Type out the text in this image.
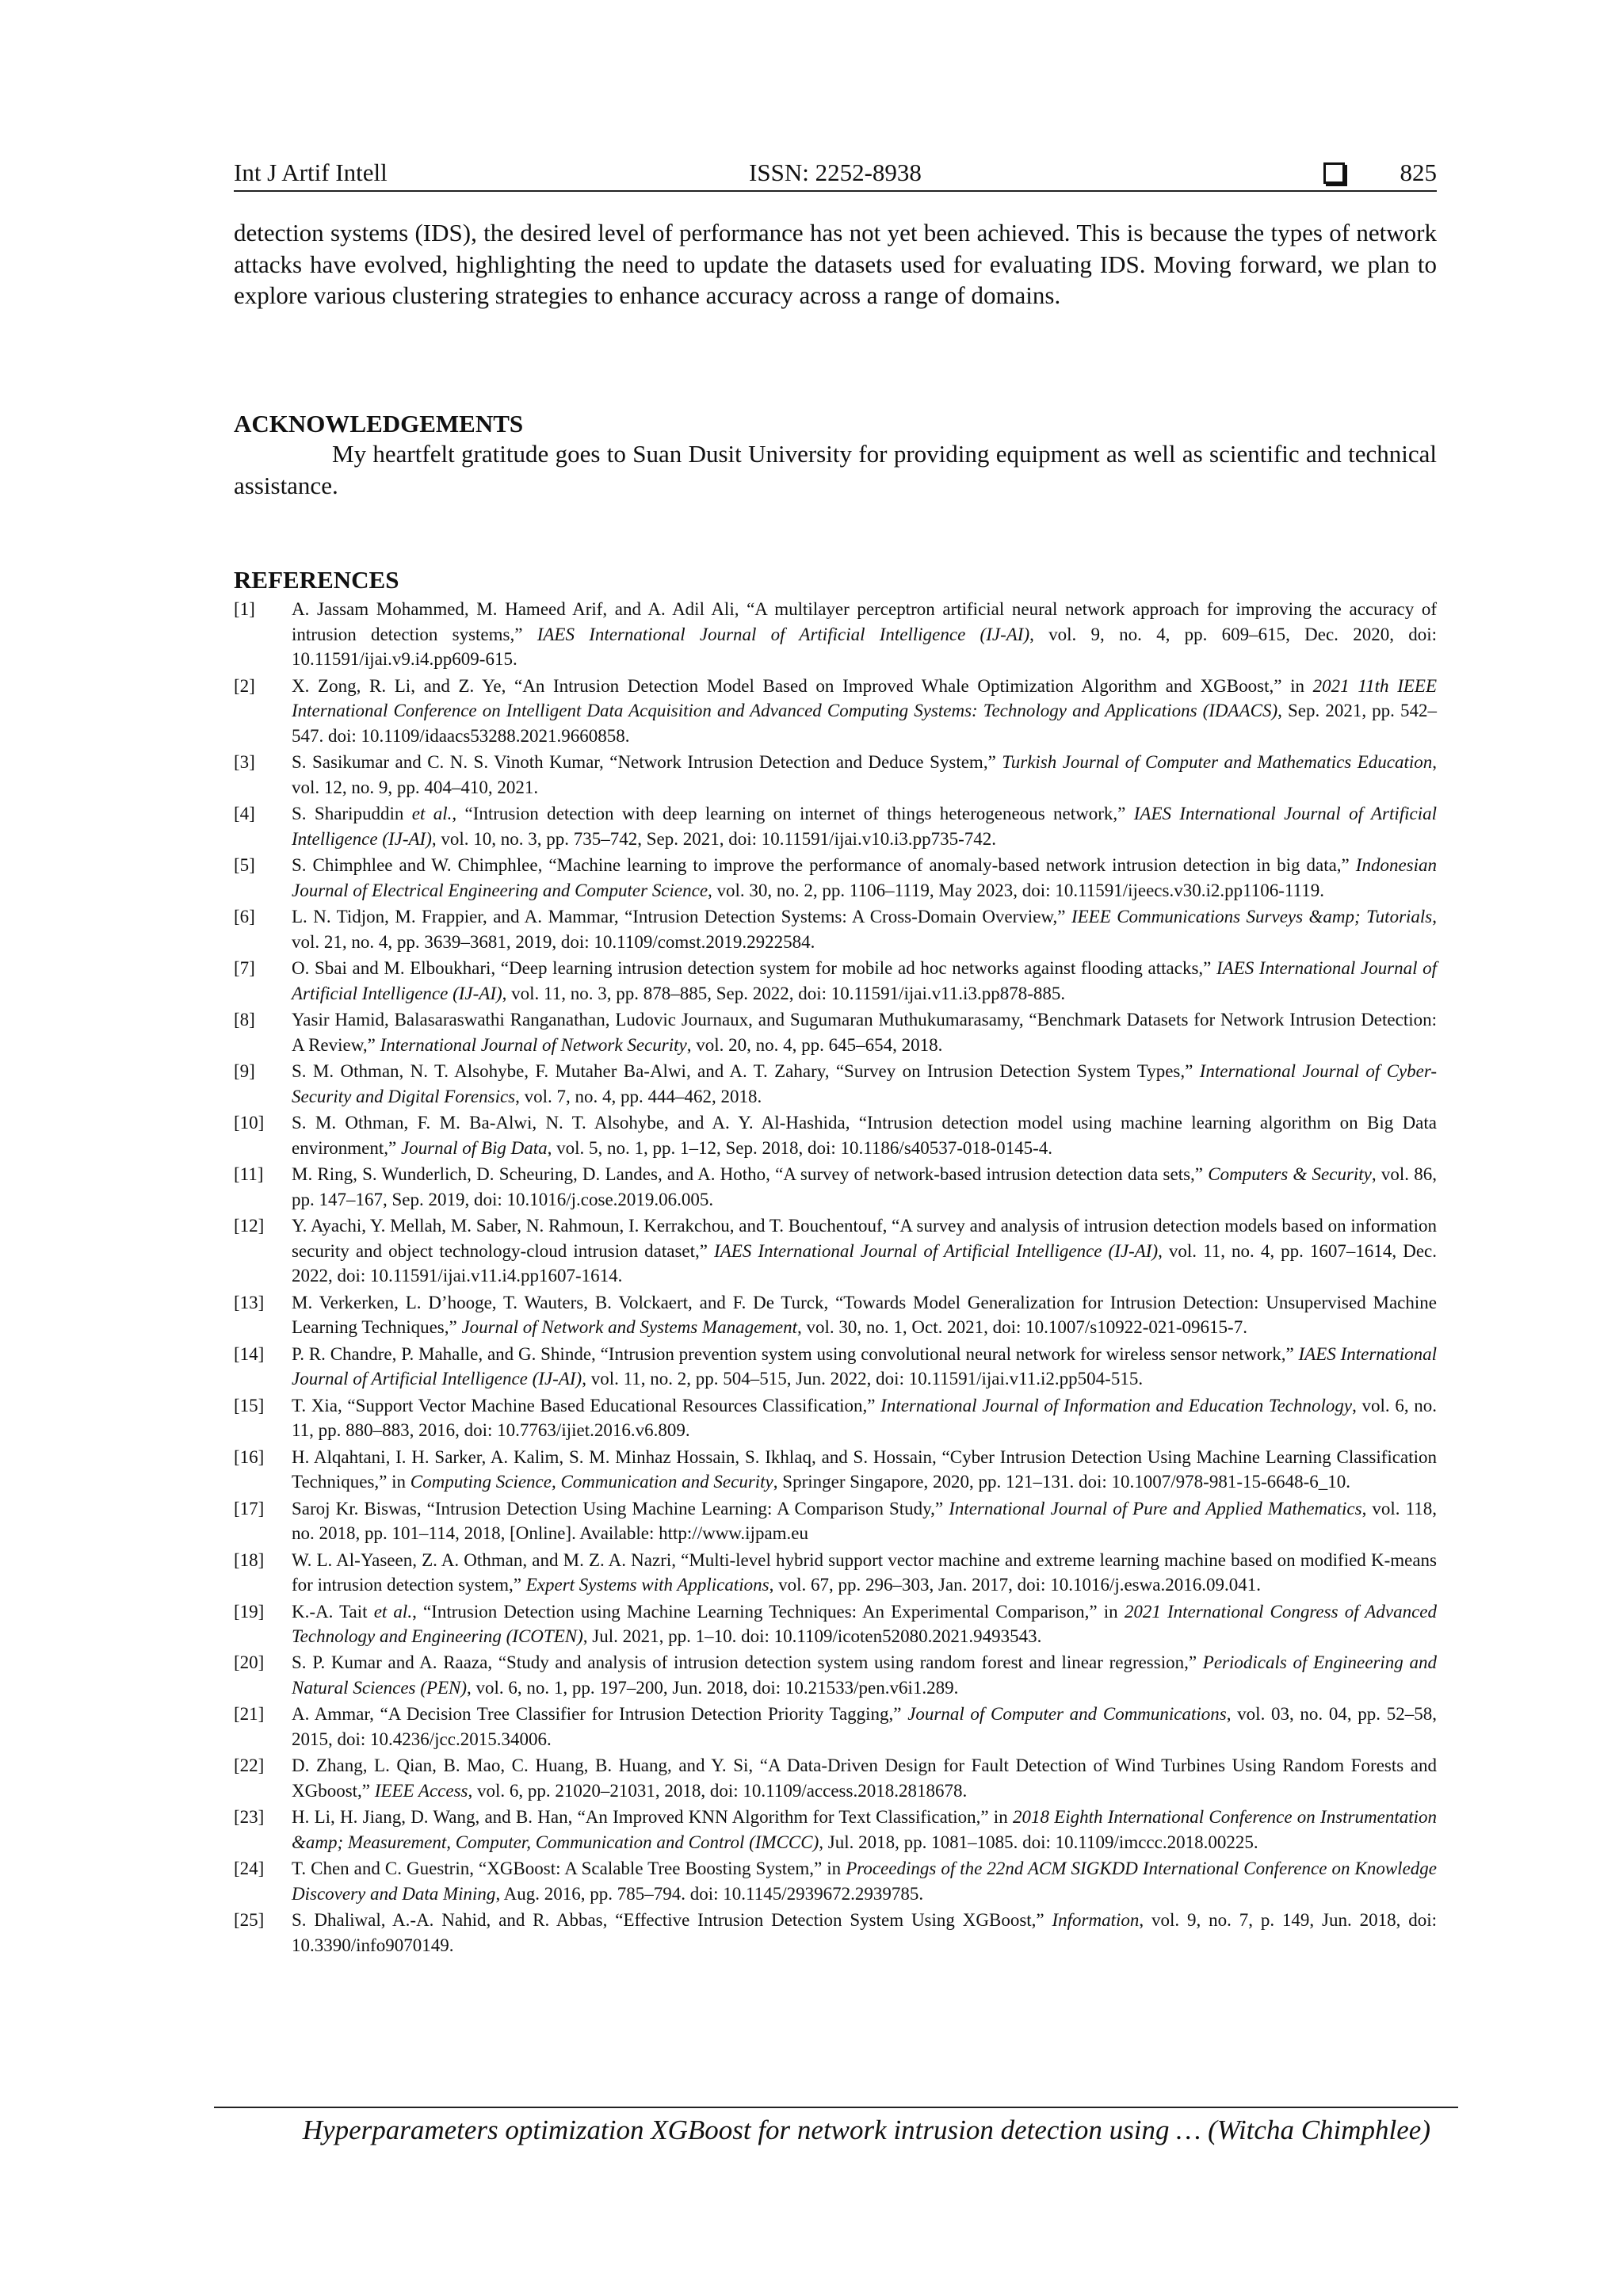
Int J Artif Intell	ISSN: 2252-8938	825

detection systems (IDS), the desired level of performance has not yet been achieved. This is because the types of network attacks have evolved, highlighting the need to update the datasets used for evaluating IDS. Moving forward, we plan to explore various clustering strategies to enhance accuracy across a range of domains.

ACKNOWLEDGEMENTS

My heartfelt gratitude goes to Suan Dusit University for providing equipment as well as scientific and technical assistance.

REFERENCES
[1]	A. Jassam Mohammed, M. Hameed Arif, and A. Adil Ali, “A multilayer perceptron artificial neural network approach for improving the accuracy of intrusion detection systems,” IAES International Journal of Artificial Intelligence (IJ-AI), vol. 9, no. 4, pp. 609–615, Dec. 2020, doi: 10.11591/ijai.v9.i4.pp609-615.
[2]	X. Zong, R. Li, and Z. Ye, “An Intrusion Detection Model Based on Improved Whale Optimization Algorithm and XGBoost,” in 2021 11th IEEE International Conference on Intelligent Data Acquisition and Advanced Computing Systems: Technology and Applications (IDAACS), Sep. 2021, pp. 542–547. doi: 10.1109/idaacs53288.2021.9660858.
[3]	S. Sasikumar and C. N. S. Vinoth Kumar, “Network Intrusion Detection and Deduce System,” Turkish Journal of Computer and Mathematics Education, vol. 12, no. 9, pp. 404–410, 2021.
[4]	S. Sharipuddin et al., “Intrusion detection with deep learning on internet of things heterogeneous network,” IAES International Journal of Artificial Intelligence (IJ-AI), vol. 10, no. 3, pp. 735–742, Sep. 2021, doi: 10.11591/ijai.v10.i3.pp735-742.
[5]	S. Chimphlee and W. Chimphlee, “Machine learning to improve the performance of anomaly-based network intrusion detection in big data,” Indonesian Journal of Electrical Engineering and Computer Science, vol. 30, no. 2, pp. 1106–1119, May 2023, doi: 10.11591/ijeecs.v30.i2.pp1106-1119.
[6]	L. N. Tidjon, M. Frappier, and A. Mammar, “Intrusion Detection Systems: A Cross-Domain Overview,” IEEE Communications Surveys &amp; Tutorials, vol. 21, no. 4, pp. 3639–3681, 2019, doi: 10.1109/comst.2019.2922584.
[7]	O. Sbai and M. Elboukhari, “Deep learning intrusion detection system for mobile ad hoc networks against flooding attacks,” IAES International Journal of Artificial Intelligence (IJ-AI), vol. 11, no. 3, pp. 878–885, Sep. 2022, doi: 10.11591/ijai.v11.i3.pp878-885.
[8]	Yasir Hamid, Balasaraswathi Ranganathan, Ludovic Journaux, and Sugumaran Muthukumarasamy, “Benchmark Datasets for Network Intrusion Detection: A Review,” International Journal of Network Security, vol. 20, no. 4, pp. 645–654, 2018.
[9]	S. M. Othman, N. T. Alsohybe, F. Mutaher Ba-Alwi, and A. T. Zahary, “Survey on Intrusion Detection System Types,” International Journal of Cyber-Security and Digital Forensics, vol. 7, no. 4, pp. 444–462, 2018.
[10]	S. M. Othman, F. M. Ba-Alwi, N. T. Alsohybe, and A. Y. Al-Hashida, “Intrusion detection model using machine learning algorithm on Big Data environment,” Journal of Big Data, vol. 5, no. 1, pp. 1–12, Sep. 2018, doi: 10.1186/s40537-018-0145-4.
[11]	M. Ring, S. Wunderlich, D. Scheuring, D. Landes, and A. Hotho, “A survey of network-based intrusion detection data sets,” Computers & Security, vol. 86, pp. 147–167, Sep. 2019, doi: 10.1016/j.cose.2019.06.005.
[12]	Y. Ayachi, Y. Mellah, M. Saber, N. Rahmoun, I. Kerrakchou, and T. Bouchentouf, “A survey and analysis of intrusion detection models based on information security and object technology-cloud intrusion dataset,” IAES International Journal of Artificial Intelligence (IJ-AI), vol. 11, no. 4, pp. 1607–1614, Dec. 2022, doi: 10.11591/ijai.v11.i4.pp1607-1614.
[13]	M. Verkerken, L. D’hooge, T. Wauters, B. Volckaert, and F. De Turck, “Towards Model Generalization for Intrusion Detection: Unsupervised Machine Learning Techniques,” Journal of Network and Systems Management, vol. 30, no. 1, Oct. 2021, doi: 10.1007/s10922-021-09615-7.
[14]	P. R. Chandre, P. Mahalle, and G. Shinde, “Intrusion prevention system using convolutional neural network for wireless sensor network,” IAES International Journal of Artificial Intelligence (IJ-AI), vol. 11, no. 2, pp. 504–515, Jun. 2022, doi: 10.11591/ijai.v11.i2.pp504-515.
[15]	T. Xia, “Support Vector Machine Based Educational Resources Classification,” International Journal of Information and Education Technology, vol. 6, no. 11, pp. 880–883, 2016, doi: 10.7763/ijiet.2016.v6.809.
[16]	H. Alqahtani, I. H. Sarker, A. Kalim, S. M. Minhaz Hossain, S. Ikhlaq, and S. Hossain, “Cyber Intrusion Detection Using Machine Learning Classification Techniques,” in Computing Science, Communication and Security, Springer Singapore, 2020, pp. 121–131. doi: 10.1007/978-981-15-6648-6_10.
[17]	Saroj Kr. Biswas, “Intrusion Detection Using Machine Learning: A Comparison Study,” International Journal of Pure and Applied Mathematics, vol. 118, no. 2018, pp. 101–114, 2018, [Online]. Available: http://www.ijpam.eu
[18]	W. L. Al-Yaseen, Z. A. Othman, and M. Z. A. Nazri, “Multi-level hybrid support vector machine and extreme learning machine based on modified K-means for intrusion detection system,” Expert Systems with Applications, vol. 67, pp. 296–303, Jan. 2017, doi: 10.1016/j.eswa.2016.09.041.
[19]	K.-A. Tait et al., “Intrusion Detection using Machine Learning Techniques: An Experimental Comparison,” in 2021 International Congress of Advanced Technology and Engineering (ICOTEN), Jul. 2021, pp. 1–10. doi: 10.1109/icoten52080.2021.9493543.
[20]	S. P. Kumar and A. Raaza, “Study and analysis of intrusion detection system using random forest and linear regression,” Periodicals of Engineering and Natural Sciences (PEN), vol. 6, no. 1, pp. 197–200, Jun. 2018, doi: 10.21533/pen.v6i1.289.
[21]	A. Ammar, “A Decision Tree Classifier for Intrusion Detection Priority Tagging,” Journal of Computer and Communications, vol. 03, no. 04, pp. 52–58, 2015, doi: 10.4236/jcc.2015.34006.
[22]	D. Zhang, L. Qian, B. Mao, C. Huang, B. Huang, and Y. Si, “A Data-Driven Design for Fault Detection of Wind Turbines Using Random Forests and XGboost,” IEEE Access, vol. 6, pp. 21020–21031, 2018, doi: 10.1109/access.2018.2818678.
[23]	H. Li, H. Jiang, D. Wang, and B. Han, “An Improved KNN Algorithm for Text Classification,” in 2018 Eighth International Conference on Instrumentation &amp; Measurement, Computer, Communication and Control (IMCCC), Jul. 2018, pp. 1081–1085. doi: 10.1109/imccc.2018.00225.
[24]	T. Chen and C. Guestrin, “XGBoost: A Scalable Tree Boosting System,” in Proceedings of the 22nd ACM SIGKDD International Conference on Knowledge Discovery and Data Mining, Aug. 2016, pp. 785–794. doi: 10.1145/2939672.2939785.
[25]	S. Dhaliwal, A.-A. Nahid, and R. Abbas, “Effective Intrusion Detection System Using XGBoost,” Information, vol. 9, no. 7, p. 149, Jun. 2018, doi: 10.3390/info9070149.
Hyperparameters optimization XGBoost for network intrusion detection using … (Witcha Chimphlee)
